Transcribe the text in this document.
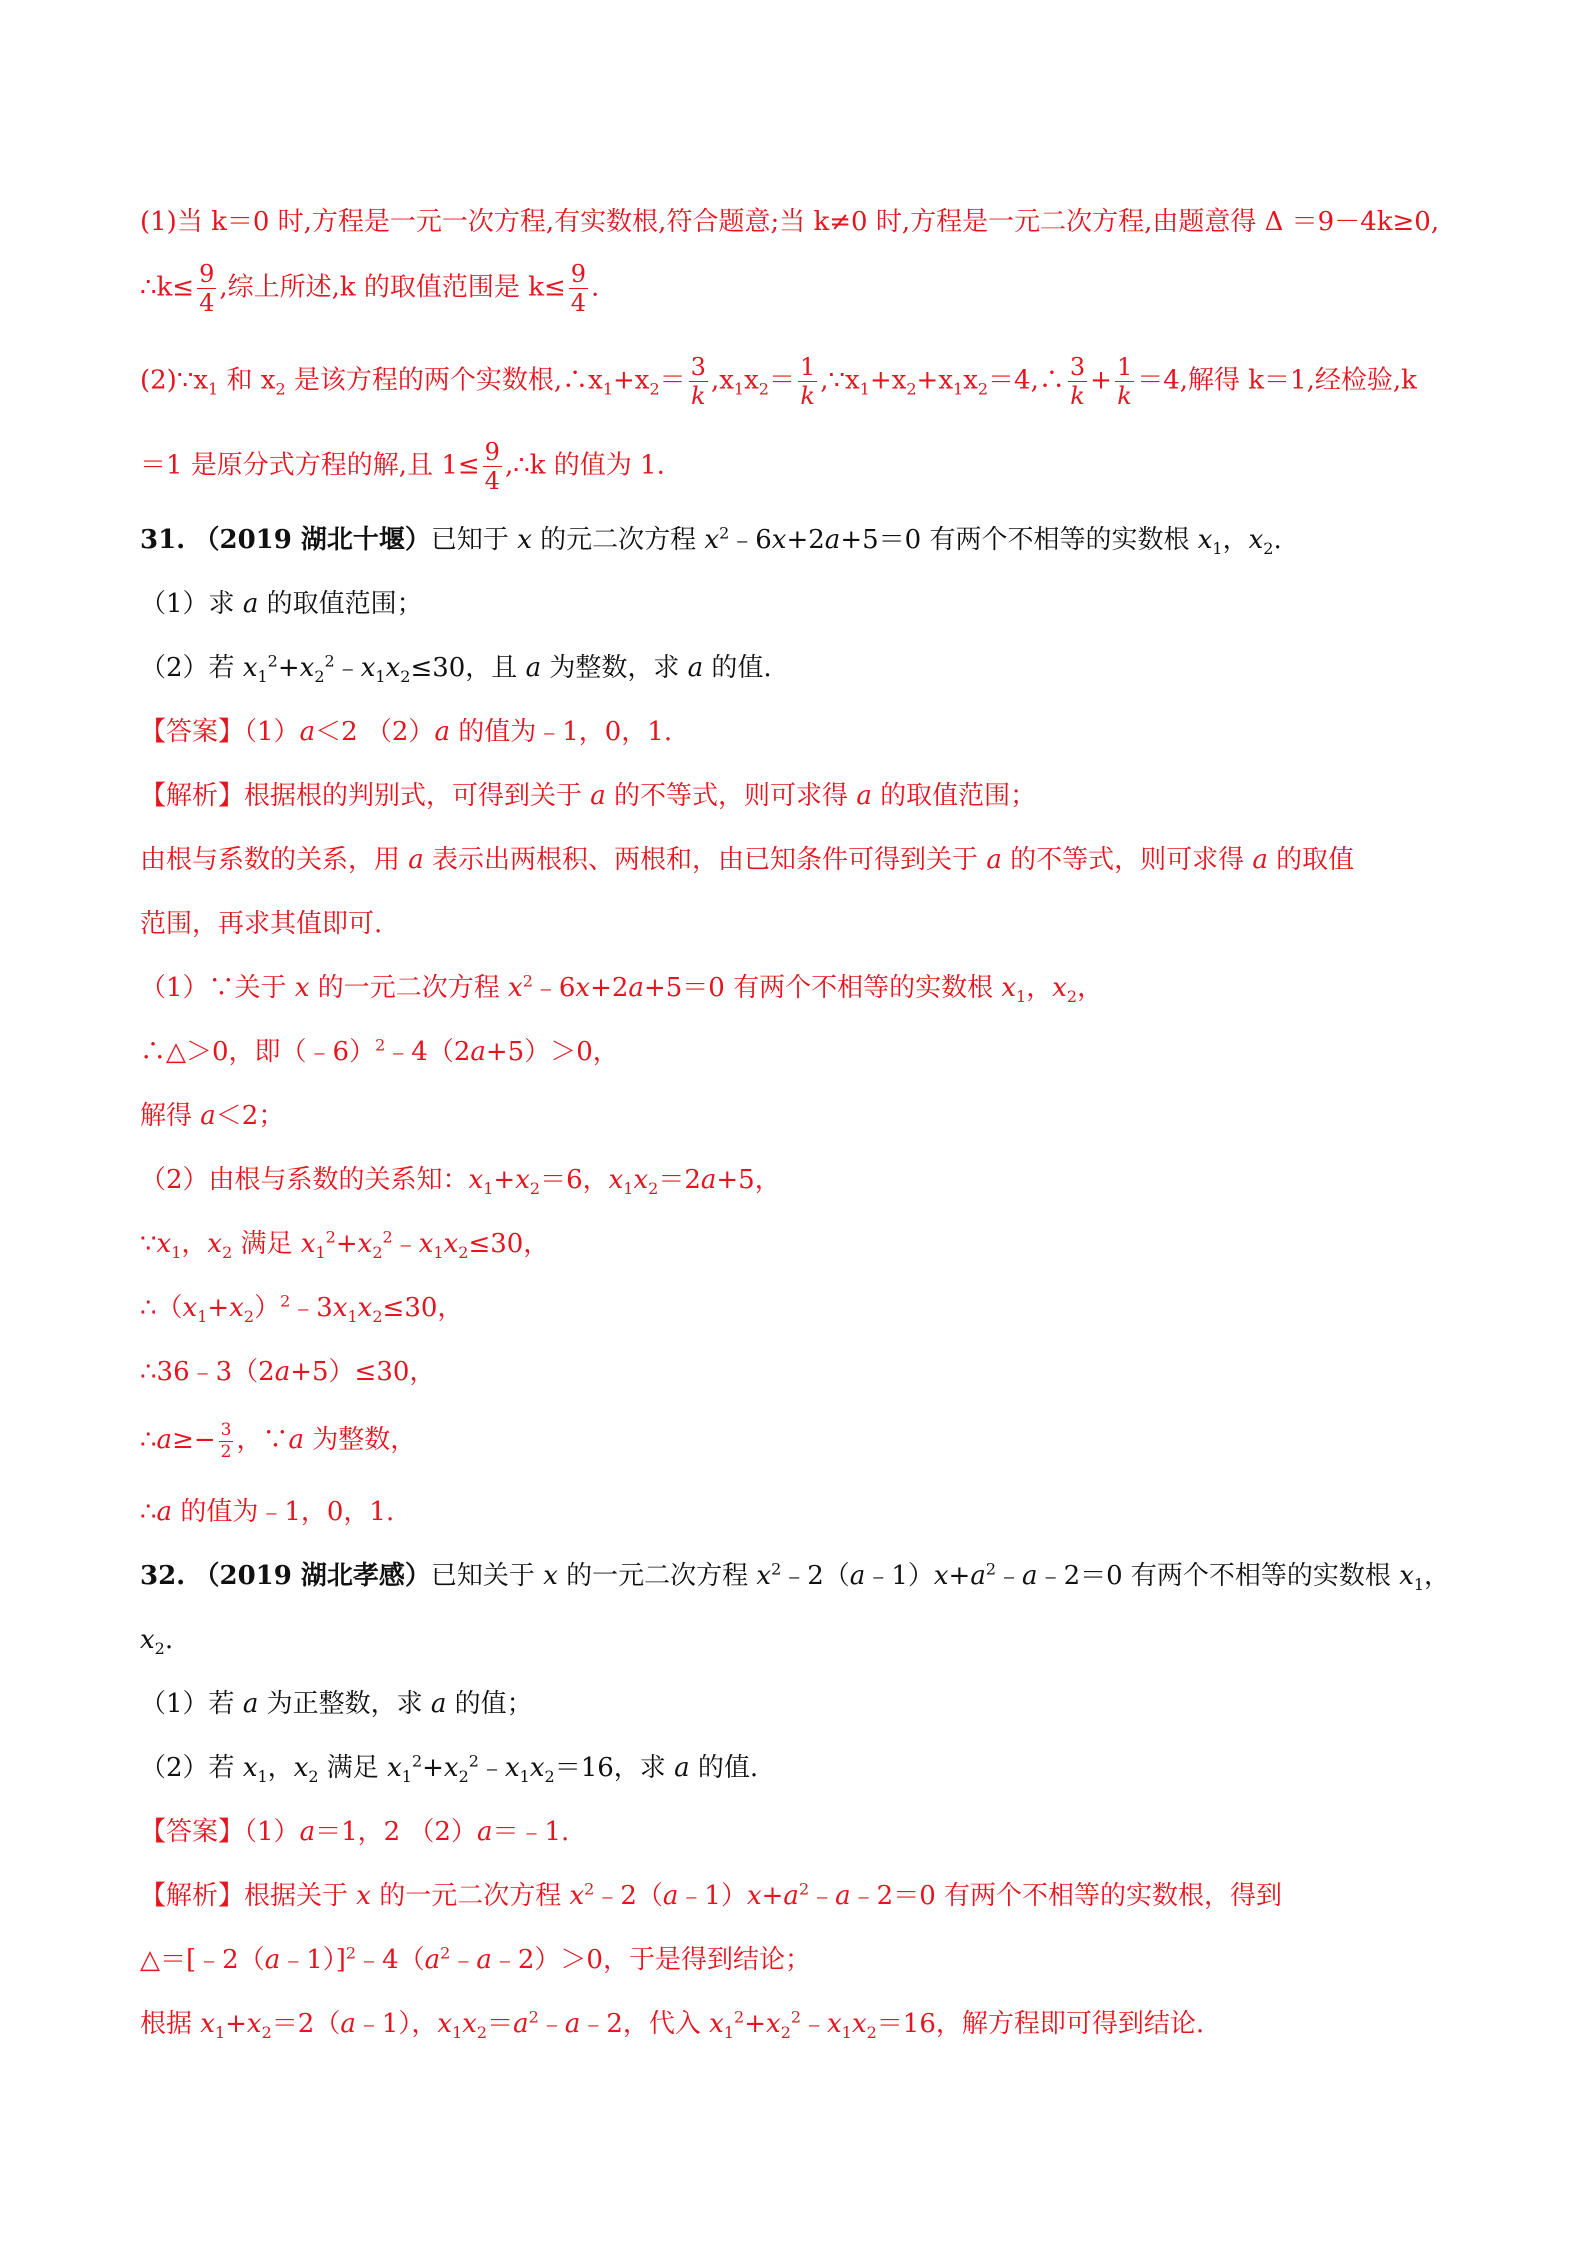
(1)当 k＝0 时,方程是一元一次方程,有实数根,符合题意;当 k≠0 时,方程是一元二次方程,由题意得 Δ ＝9－4k≥0,
∴k≤ $\frac{9}{4}$ ,综上所述,k 的取值范围是 $k\le \frac{9}{4}$ .
$(2)\because x_1$ 和 $x_2$ 是该方程的两个实数根$,\therefore x_1+x_2= \frac{3}{k} ,x_1x_2= \frac{1}{k}$ $,\because x_1+x_2+x_1x_2=4,\therefore \frac{3}{k} + \frac{1}{k} =4$,解得 k＝1,经检验,k
＝1 是原分式方程的解,且 $1\le \frac{9}{4}$ ,∴k 的值为 1.
31. （2019 湖北十堰）已知于 x 的元二次方程 $x^2﹣6x+2a+5=0$ 有两个不相等的实数根 $x_1$，$x_2$.
（1）求 a 的取值范围；
（2）若 $x_1^2+x_2^2﹣x_1x_2\le 30$，且 a 为整数，求 a 的值.
【答案】（1）a＜2 （2）a 的值为﹣1，0，1.
【解析】根据根的判别式，可得到关于 a 的不等式，则可求得 a 的取值范围；
由根与系数的关系，用 a 表示出两根积、两根和，由已知条件可得到关于 a 的不等式，则可求得 a 的取值
范围，再求其值即可.
（1）∵关于 x 的一元二次方程 $x^2﹣6x+2a+5=0$ 有两个不相等的实数根 $x_1$，$x_2$，
∴△＞0，即（﹣6）$^2$﹣4（2a+5）＞0，
解得 a＜2；
（2）由根与系数的关系知：$x_1+x_2=6$，$x_1x_2=2a+5$，
$\because x_1$，$x_2$ 满足 $x_1^2+x_2^2﹣x_1x_2\le 30$，
$\therefore(x_1+x_2)^2﹣3x_1x_2\le 30$，
∴36﹣3（2a+5）≤30，
∴a≥− $\frac{3}{2}$ ，∵a 为整数，
∴a 的值为﹣1，0，1.
32. （2019 湖北孝感）已知关于 x 的一元二次方程 $x^2﹣2(a﹣1)x+a^2﹣a﹣2=0$ 有两个不相等的实数根 $x_1$，
$x_2$.
（1）若 a 为正整数，求 a 的值；
（2）若 $x_1$，$x_2$ 满足 $x_1^2+x_2^2﹣x_1x_2=16$，求 a 的值.
【答案】（1）a＝1，2 （2）a＝﹣1.
【解析】根据关于 x 的一元二次方程 $x^2﹣2(a﹣1)x+a^2﹣a﹣2=0$ 有两个不相等的实数根，得到
$\triangle=[﹣2(a﹣1)]^2﹣4(a^2﹣a﹣2)>0$，于是得到结论；
根据 $x_1+x_2=2(a﹣1)$，$x_1x_2=a^2﹣a﹣2$，代入 $x_1^2+x_2^2﹣x_1x_2=16$，解方程即可得到结论.
